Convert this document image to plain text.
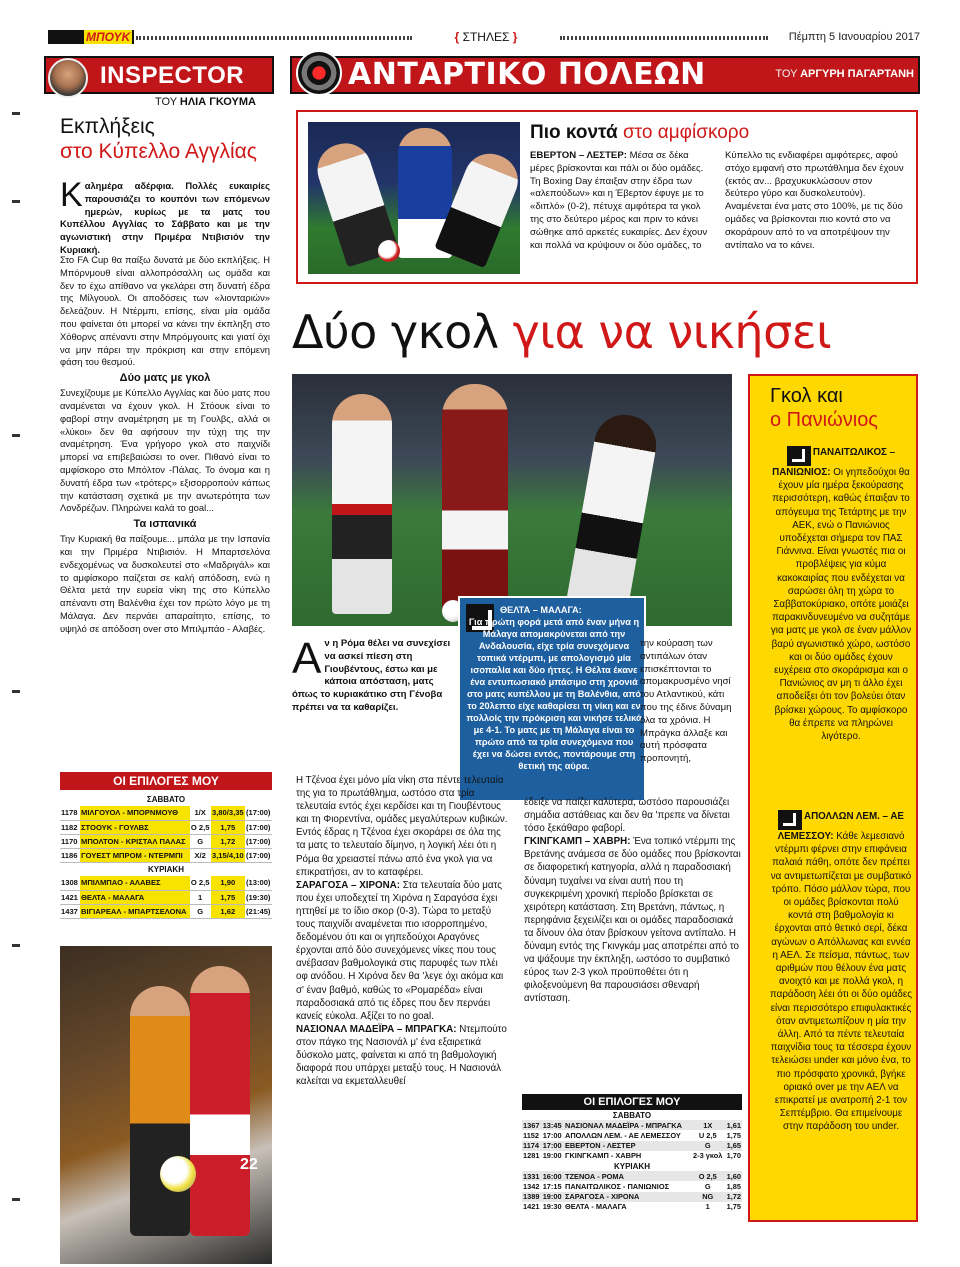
ΜΠΟΥΚ	{ ΣΤΗΛΕΣ }	Πέμπτη 5 Ιανουαρίου 2017
INSPECTOR
ΤΟΥ ΗΛΙΑ ΓΚΟΥΜΑ
Εκπλήξεις
στο Κύπελλο Αγγλίας
Καλημέρα αδέρφια. Πολλές ευκαιρίες παρουσιάζει το κουπόνι των επόμενων ημερών, κυρίως με τα ματς του Κυπέλλου Αγγλίας το Σάββατο και με την αγωνιστική στην Πριμέρα Ντιβισιόν την Κυριακή.

Στο FA Cup θα παίξω δυνατά με δύο εκπλήξεις. Η Μπόρνμουθ είναι αλλοπρόσαλλη ως ομάδα και δεν το έχω απίθανο να γκελάρει στη δυνατή έδρα της Μίλγουολ. Οι αποδόσεις των «λιονταριών» δελεάζουν. Η Ντέρμπι, επίσης, είναι μία ομάδα που φαίνεται ότι μπορεί να κάνει την έκπληξη στο Χόθορνς απέναντι στην Μπρόμγουιτς και γιατί όχι να μην πάρει την πρόκριση και στην επόμενη φάση του θεσμού.

Δύο ματς με γκολ

Συνεχίζουμε με Κύπελλο Αγγλίας και δύο ματς που αναμένεται να έχουν γκολ. Η Στόουκ είναι το φαβορί στην αναμέτρηση με τη Γουλβς, αλλά οι «λύκοι» δεν θα αφήσουν την τύχη της την αναμέτρηση. Ένα γρήγορο γκολ στο παιχνίδι μπορεί να επιβεβαιώσει το over. Πιθανό είναι το αμφίσκορο στο Μπόλτον -Πάλας. Το όνομα και η δυνατή έδρα των «τρότερς» εξισορροπούν κάπως την κατάσταση σχετικά με την ανωτερότητα των Λονδρέζων. Πληρώνει καλά το goal...

Τα ισπανικά

Την Κυριακή θα παίξουμε... μπάλα με την Ισπανία και την Πριμέρα Ντιβισιόν. Η Μπαρτσελόνα ενδεχομένως να δυσκολευτεί στο «Μαδριγάλ» και το αμφίσκορο παίζεται σε καλή απόδοση, ενώ η Θέλτα μετά την ευρεία νίκη της στο Κύπελλο απέναντι στη Βαλένθια έχει τον πρώτο λόγο με τη Μάλαγα. Δεν περνάει απαραίτητο, επίσης, το υψηλό σε απόδοση over στο Μπιλμπάο - Αλαβές.

ΟΙ ΕΠΙΛΟΓΕΣ ΜΟΥ
ΣΑΒΒΑΤΟ				
1178	ΜΙΛΓΟΥΟΛ - ΜΠΟΡΝΜΟΥΘ	1/X	3,80/3,35	(17:00)
1182	ΣΤΟΟΥΚ - ΓΟΥΛΒΣ	O 2,5	1,75	(17:00)
1170	ΜΠΟΛΤΟΝ - ΚΡΙΣΤΑΛ ΠΑΛΑΣ	G	1,72	(17:00)
1186	ΓΟΥΕΣΤ ΜΠΡΟΜ - ΝΤΕΡΜΠΙ	X/2	3,15/4,10	(17:00)
ΚΥΡΙΑΚΗ				
1308	ΜΠΙΛΜΠΑΟ - ΑΛΑΒΕΣ	O 2,5	1,90	(13:00)
1421	ΘΕΛΤΑ - ΜΑΛΑΓΑ	1	1,75	(19:30)
1437	ΒΙΓΙΑΡΕΑΛ - ΜΠΑΡΤΣΕΛΟΝΑ	G	1,62	(21:45)
29
22
ΑΝΤΑΡΤΙΚΟ ΠΟΛΕΩΝ	ΤΟΥ ΑΡΓΥΡΗ ΠΑΓΑΡΤΑΝΗ
Πιο κοντά στο αμφίσκορο
ΕΒΕΡΤΟΝ – ΛΕΣΤΕΡ: Μέσα σε δέκα μέρες βρίσκονται και πάλι οι δύο ομάδες. Τη Boxing Day έπαιξαν στην έδρα των «αλεπούδων» και η Έβερτον έφυγε με το «διπλό» (0-2), πέτυχε αμφότερα τα γκολ της στο δεύτερο μέρος και πριν το κάνει σώθηκε από αρκετές ευκαιρίες. Δεν έχουν και πολλά να κρύψουν οι δύο ομάδες, το Κύπελλο τις ενδιαφέρει αμφότερες, αφού στόχο εμφανή στο πρωτάθλημα δεν έχουν (εκτός αν... βραχυκυκλώσουν στον δεύτερο γύρο και δυσκολευτούν). Αναμένεται ένα ματς στο 100%, με τις δύο ομάδες να βρίσκονται πιο κοντά στο να σκοράρουν από το να αποτρέψουν την αντίπαλο να το κάνει.
Δύο γκολ για να νικήσει
ΘΕΛΤΑ – ΜΑΛΑΓΑ:
Για πρώτη φορά μετά από έναν μήνα η Μάλαγα απομακρύνεται από την Ανδαλουσία, είχε τρία συνεχόμενα τοπικά ντέρμπι, με απολογισμό μία ισοπαλία και δύο ήττες. Η Θέλτα έκανε ένα εντυπωσιακό μπάσιμο στη χρονιά στο ματς κυπέλλου με τη Βαλένθια, από το 20λεπτο είχε καθαρίσει τη νίκη και εν πολλοίς την πρόκριση και νικήσε τελικά με 4-1. Το ματς με τη Μάλαγα είναι το πρώτο από τα τρία συνεχόμενα που έχει να δώσει εντός, ποντάρουμε στη θετική της αύρα.
Αν η Ρόμα θέλει να συνεχίσει να ασκεί πίεση στη Γιουβέντους, έστω και με κάποια απόσταση, ματς όπως το κυριακάτικο στη Γένοβα πρέπει να τα καθαρίζει.
την κούραση των αντιπάλων όταν επισκέπτονται το απομακρυσμένο νησί του Ατλαντικού, κάτι που της έδινε δύναμη όλα τα χρόνια. Η Μπράγκα άλλαξε και αυτή πρόσφατα προπονητή,

Η Τζένοα έχει μόνο μία νίκη στα πέντε τελευταία της για το πρωτάθλημα, ωστόσο στα τρία τελευταία εντός έχει κερδίσει και τη Γιουβέντους και τη Φιορεντίνα, ομάδες μεγαλύτερων κυβικών. Εντός έδρας η Τζένοα έχει σκοράρει σε όλα της τα ματς το τελευταίο δίμηνο, η λογική λέει ότι η Ρόμα θα χρειαστεί πάνω από ένα γκολ για να επικρατήσει, αν το καταφέρει.

ΣΑΡΑΓΟΣΑ – ΧΙΡΟΝΑ: Στα τελευταία δύο ματς που έχει υποδεχτεί τη Χιρόνα η Σαραγόσα έχει ηττηθεί με το ίδιο σκορ (0-3). Τώρα το μεταξύ τους παιχνίδι αναμένεται πιο ισορροπημένο, δεδομένου ότι και οι γηπεδούχοι Αραγόνες έρχονται από δύο συνεχόμενες νίκες που τους ανέβασαν βαθμολογικά στις παρυφές των πλέι οφ ανόδου. Η Χιρόνα δεν θα 'λεγε όχι ακόμα και σ' έναν βαθμό, καθώς το «Ρομαρέδα» είναι παραδοσιακά από τις έδρες που δεν περνάει κανείς εύκολα. Αξίζει το no goal.

ΝΑΣΙΟΝΑΛ ΜΑΔΕΪΡΑ – ΜΠΡΑΓΚΑ: Ντεμπούτο στον πάγκο της Νασιονάλ μ' ένα εξαιρετικά δύσκολο ματς, φαίνεται κι από τη βαθμολογική διαφορά που υπάρχει μεταξύ τους. Η Νασιονάλ καλείται να εκμεταλλευθεί

έδειξε να παίζει καλύτερα, ωστόσο παρουσιάζει σημάδια αστάθειας και δεν θα 'πρεπε να δίνεται τόσο ξεκάθαρο φαβορί.

ΓΚΙΝΓΚΑΜΠ – ΧΑΒΡΗ: Ένα τοπικό ντέρμπι της Βρετάνης ανάμεσα σε δύο ομάδες που βρίσκονται σε διαφορετική κατηγορία, αλλά η παραδοσιακή δύναμη τυχαίνει να είναι αυτή που τη συγκεκριμένη χρονική περίοδο βρίσκεται σε χειρότερη κατάσταση. Στη Βρετάνη, πάντως, η περηφάνια ξεχειλίζει και οι ομάδες παραδοσιακά τα δίνουν όλα όταν βρίσκουν γείτονα αντίπαλο. Η δύναμη εντός της Γκινγκάμ μας αποτρέπει από το να ψάξουμε την έκπληξη, ωστόσο το συμβατικό εύρος των 2-3 γκολ προϋποθέτει ότι η φιλοξενούμενη θα παρουσιάσει σθεναρή αντίσταση.

ΟΙ ΕΠΙΛΟΓΕΣ ΜΟΥ
ΣΑΒΒΑΤΟ				
1367	13:45	ΝΑΣΙΟΝΑΛ ΜΑΔΕΪΡΑ - ΜΠΡΑΓΚΑ	1X	1,61
1152	17:00	ΑΠΟΛΛΩΝ ΛΕΜ. - ΑΕ ΛΕΜΕΣΣΟΥ	U 2,5	1,75
1174	17:00	ΕΒΕΡΤΟΝ - ΛΕΣΤΕΡ	G	1,65
1281	19:00	ΓΚΙΝΓΚΑΜΠ - ΧΑΒΡΗ	2-3 γκολ	1,70
ΚΥΡΙΑΚΗ				
1331	16:00	ΤΖΕΝΟΑ - ΡΟΜΑ	O 2,5	1,60
1342	17:15	ΠΑΝΑΙΤΩΛΙΚΟΣ - ΠΑΝΙΩΝΙΟΣ	G	1,85
1389	19:00	ΣΑΡΑΓΟΣΑ - ΧΙΡΟΝΑ	NG	1,72
1421	19:30	ΘΕΛΤΑ - ΜΑΛΑΓΑ	1	1,75
Γκολ και
ο Πανιώνιος
ΠΑΝΑΙΤΩΛΙΚΟΣ – ΠΑΝΙΩΝΙΟΣ: Οι γηπεδούχοι θα έχουν μία ημέρα ξεκούρασης περισσότερη, καθώς έπαιξαν το απόγευμα της Τετάρτης με την ΑΕΚ, ενώ ο Πανιώνιος υποδέχεται σήμερα τον ΠΑΣ Γιάννινα. Είναι γνωστές πια οι προβλέψεις για κύμα κακοκαιρίας που ενδέχεται να σαρώσει όλη τη χώρα το Σαββατοκύριακο, οπότε μοιάζει παρακινδυνευμένο να συζητάμε για ματς με γκολ σε έναν μάλλον βαρύ αγωνιστικό χώρο, ωστόσο και οι δύο ομάδες έχουν ευχέρεια στο σκοράρισμα και ο Πανιώνιος αν μη τι άλλο έχει αποδείξει ότι τον βολεύει όταν βρίσκει χώρους. Το αμφίσκορο θα έπρεπε να πληρώνει λιγότερο.
ΑΠΟΛΛΩΝ ΛΕΜ. – ΑΕ ΛΕΜΕΣΣΟΥ: Κάθε λεμεσιανό ντέρμπι φέρνει στην επιφάνεια παλαιά πάθη, οπότε δεν πρέπει να αντιμετωπίζεται με συμβατικό τρόπο. Πόσο μάλλον τώρα, που οι ομάδες βρίσκονται πολύ κοντά στη βαθμολογία κι έρχονται από θετικό σερί, δέκα αγώνων ο Απόλλωνας και εννέα η ΑΕΛ. Σε πείσμα, πάντως, των αριθμών που θέλουν ένα ματς ανοιχτό και με πολλά γκολ, η παράδοση λέει ότι οι δύο ομάδες είναι περισσότερο επιφυλακτικές όταν αντιμετωπίζουν η μία την άλλη. Από τα πέντε τελευταία παιχνίδια τους τα τέσσερα έχουν τελειώσει under και μόνο ένα, το πιο πρόσφατο χρονικά, βγήκε οριακό over με την ΑΕΛ να επικρατεί με ανατροπή 2-1 τον Σεπτέμβριο. Θα επιμείνουμε στην παράδοση του under.
